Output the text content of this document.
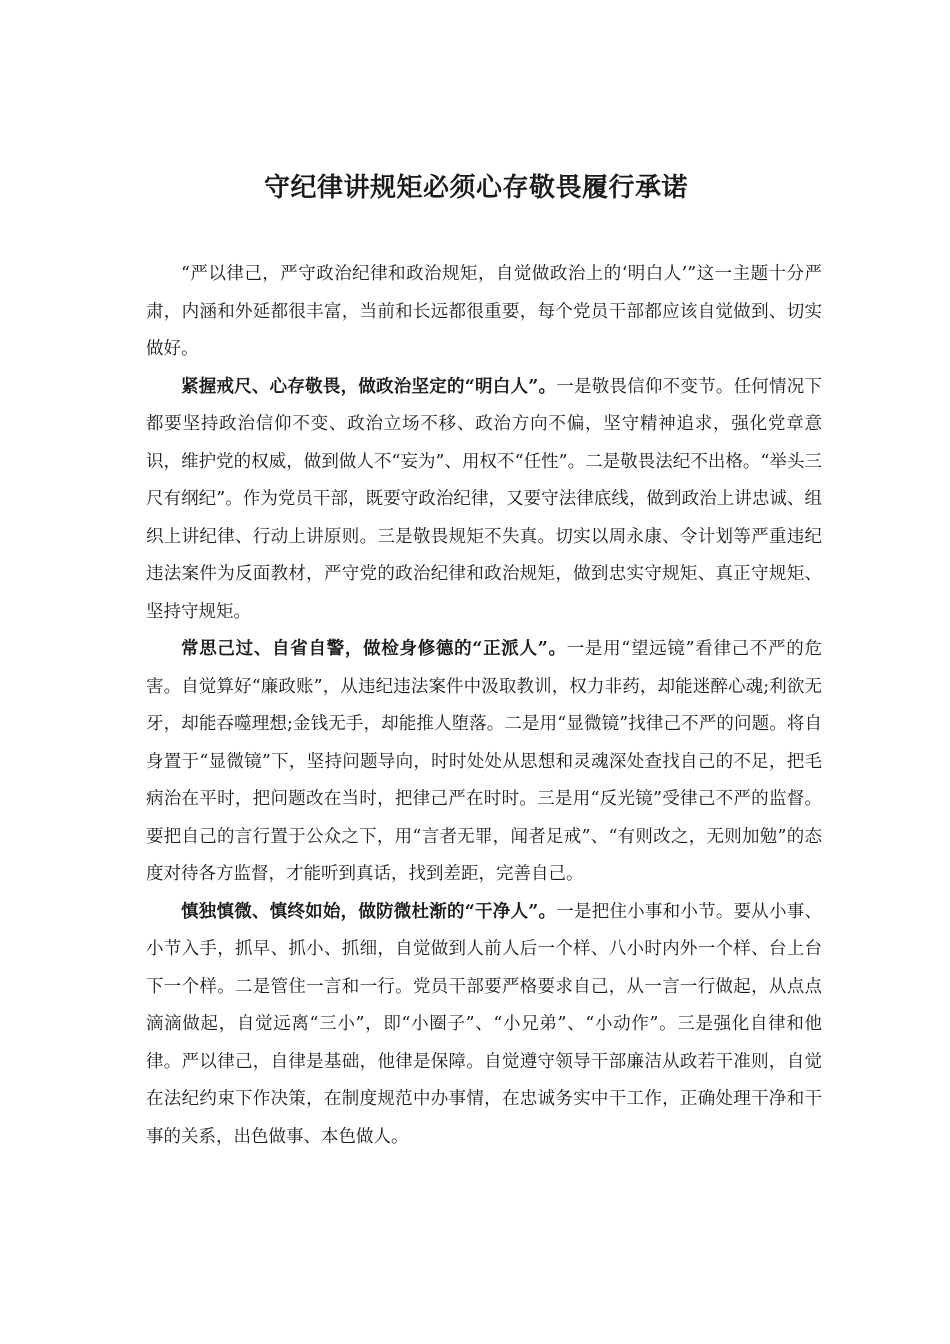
守纪律讲规矩必须心存敬畏履行承诺

“严以律己，严守政治纪律和政治规矩，自觉做政治上的‘明白人’”这一主题十分严肃，内涵和外延都很丰富，当前和长远都很重要，每个党员干部都应该自觉做到、切实做好。

紧握戒尺、心存敬畏，做政治坚定的“明白人”。一是敬畏信仰不变节。任何情况下都要坚持政治信仰不变、政治立场不移、政治方向不偏，坚守精神追求，强化党章意识，维护党的权威，做到做人不“妄为”、用权不“任性”。二是敬畏法纪不出格。“举头三尺有纲纪”。作为党员干部，既要守政治纪律，又要守法律底线，做到政治上讲忠诚、组织上讲纪律、行动上讲原则。三是敬畏规矩不失真。切实以周永康、令计划等严重违纪违法案件为反面教材，严守党的政治纪律和政治规矩，做到忠实守规矩、真正守规矩、坚持守规矩。

常思己过、自省自警，做检身修德的“正派人”。一是用“望远镜”看律己不严的危害。自觉算好“廉政账”，从违纪违法案件中汲取教训，权力非药，却能迷醉心魂;利欲无牙，却能吞噬理想;金钱无手，却能推人堕落。二是用“显微镜”找律己不严的问题。将自身置于“显微镜”下，坚持问题导向，时时处处从思想和灵魂深处查找自己的不足，把毛病治在平时，把问题改在当时，把律己严在时时。三是用“反光镜”受律己不严的监督。要把自己的言行置于公众之下，用“言者无罪，闻者足戒”、“有则改之，无则加勉”的态度对待各方监督，才能听到真话，找到差距，完善自己。

慎独慎微、慎终如始，做防微杜渐的“干净人”。一是把住小事和小节。要从小事、小节入手，抓早、抓小、抓细，自觉做到人前人后一个样、八小时内外一个样、台上台下一个样。二是管住一言和一行。党员干部要严格要求自己，从一言一行做起，从点点滴滴做起，自觉远离“三小”，即“小圈子”、“小兄弟”、“小动作”。三是强化自律和他律。严以律己，自律是基础，他律是保障。自觉遵守领导干部廉洁从政若干准则，自觉在法纪约束下作决策，在制度规范中办事情，在忠诚务实中干工作，正确处理干净和干事的关系，出色做事、本色做人。
